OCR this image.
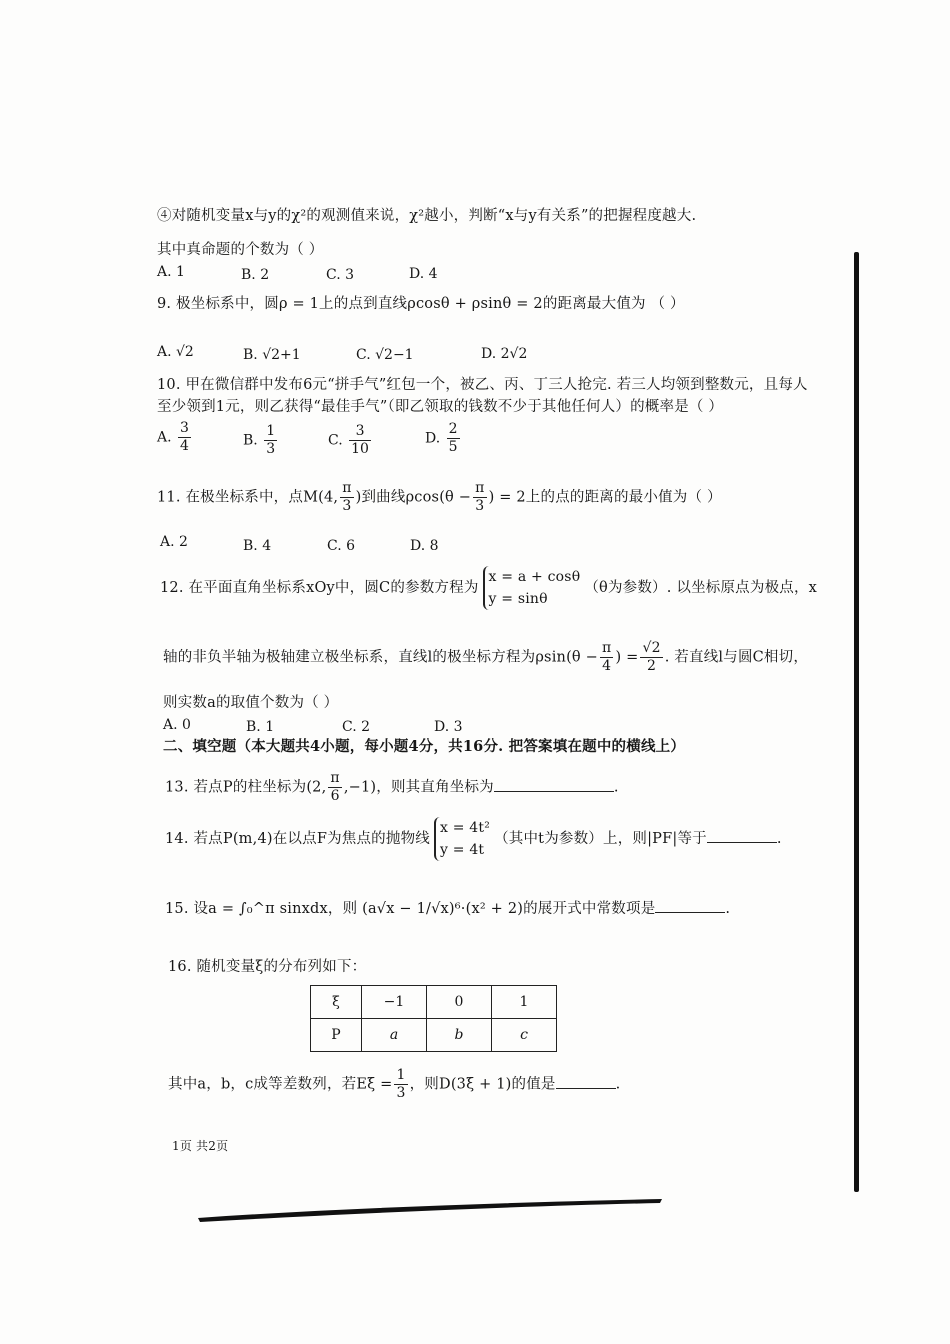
④对随机变量x与y的χ²的观测值来说，χ²越小，判断“x与y有关系”的把握程度越大.
其中真命题的个数为（ ）
A. 1	B. 2	C. 3	D. 4
9. 极坐标系中，圆ρ = 1上的点到直线ρcosθ + ρsinθ = 2的距离最大值为 （ ）
A. √2	B. √2+1	C. √2−1	D. 2√2
10. 甲在微信群中发布6元“拼手气”红包一个，被乙、丙、丁三人抢完. 若三人均领到整数元，且每人
至少领到1元，则乙获得“最佳手气”（即乙领取的钱数不少于其他任何人）的概率是（ ）
A. $\frac{3}{4}$	B. $\frac{1}{3}$	C. $\frac{3}{10}$	D. $\frac{2}{5}$
11. 在极坐标系中，点M(4, $\frac{\pi}{3}$ )到曲线$\rho\cos(\theta - \frac{\pi}{3}$ ) = 2上的点的距离的最小值为（ ）
A. 2	B. 4	C. 6	D. 8
12. 在平面直角坐标系xOy中，圆C的参数方程为
x = a + cosθ
y = sinθ
（θ为参数）. 以坐标原点为极点，x
轴的非负半轴为极轴建立极坐标系，直线l的极坐标方程为$\rho\sin(\theta - \frac{\pi}{4}$ ) = $\frac{√2}{2}$ . 若直线l与圆C相切，
则实数a的取值个数为（ ）
A. 0	B. 1	C. 2	D. 3
二、填空题（本大题共4小题，每小题4分，共16分. 把答案填在题中的横线上）
13. 若点P的柱坐标为(2, $\frac{\pi}{6} ,-1$)，则其直角坐标为	.
14. 若点P(m,4)在以点F为焦点的抛物线
x = 4t²
y = 4t
（其中t为参数）上，则|PF|等于	.
15. 设a = ∫₀^π sinxdx，则 (a√x − 1/√x)⁶·(x² + 2)的展开式中常数项是	.
16. 随机变量ξ的分布列如下：
ξ	−1	0	1
P	a	b	c
其中a，b，c成等差数列，若$E\xi = \frac{1}{3}$ ，则D(3ξ + 1)的值是	.
1页 共2页
